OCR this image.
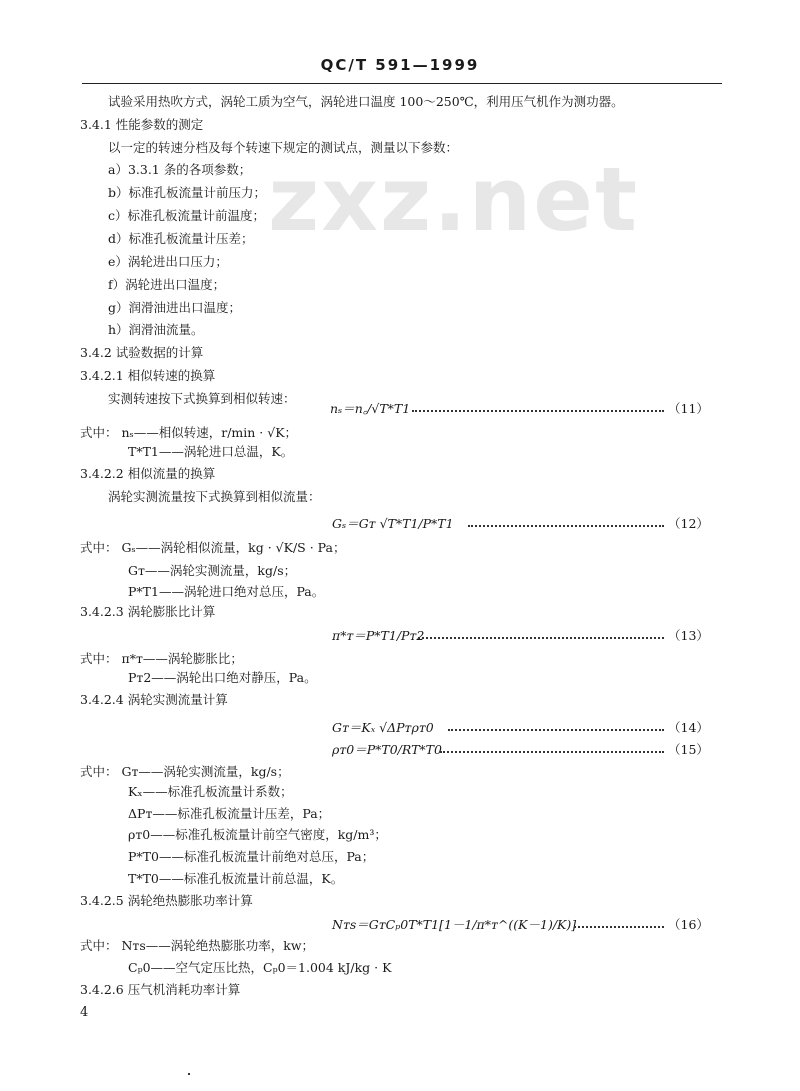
QC/T 591—1999
zxz.net
试验采用热吹方式，涡轮工质为空气，涡轮进口温度 100～250℃，利用压气机作为测功器。
3.4.1 性能参数的测定
以一定的转速分档及每个转速下规定的测试点，测量以下参数：
a）3.3.1 条的各项参数；
b）标准孔板流量计前压力；
c）标准孔板流量计前温度；
d）标准孔板流量计压差；
e）涡轮进出口压力；
f）涡轮进出口温度；
g）润滑油进出口温度；
h）润滑油流量。
3.4.2 试验数据的计算
3.4.2.1 相似转速的换算
实测转速按下式换算到相似转速：
nₛ＝n꜀/√T*T1	（11）
式中： nₛ——相似转速，r/min · √K；
T*T1——涡轮进口总温，K。
3.4.2.2 相似流量的换算
涡轮实测流量按下式换算到相似流量：
Gₛ＝Gᴛ √T*T1/P*T1	（12）
式中： Gₛ——涡轮相似流量，kg · √K/S · Pa；
Gᴛ——涡轮实测流量，kg/s；
P*T1——涡轮进口绝对总压，Pa。
3.4.2.3 涡轮膨胀比计算
π*ᴛ＝P*T1/Pᴛ2	（13）
式中： π*ᴛ——涡轮膨胀比；
Pᴛ2——涡轮出口绝对静压，Pa。
3.4.2.4 涡轮实测流量计算
Gᴛ＝Kₓ √ΔPᴛρᴛ0	（14）
ρᴛ0＝P*T0/RT*T0	（15）
式中： Gᴛ——涡轮实测流量，kg/s；
Kₓ——标准孔板流量计系数；
ΔPᴛ——标准孔板流量计压差，Pa；
ρᴛ0——标准孔板流量计前空气密度，kg/m³；
P*T0——标准孔板流量计前绝对总压，Pa；
T*T0——标准孔板流量计前总温，K。
3.4.2.5 涡轮绝热膨胀功率计算
Nᴛs＝GᴛCₚ0T*T1[1－1/π*ᴛ^((K－1)/K)]	（16）
式中： Nᴛs——涡轮绝热膨胀功率，kw；
Cₚ0——空气定压比热，Cₚ0＝1.004 kJ/kg · K
3.4.2.6 压气机消耗功率计算
4
